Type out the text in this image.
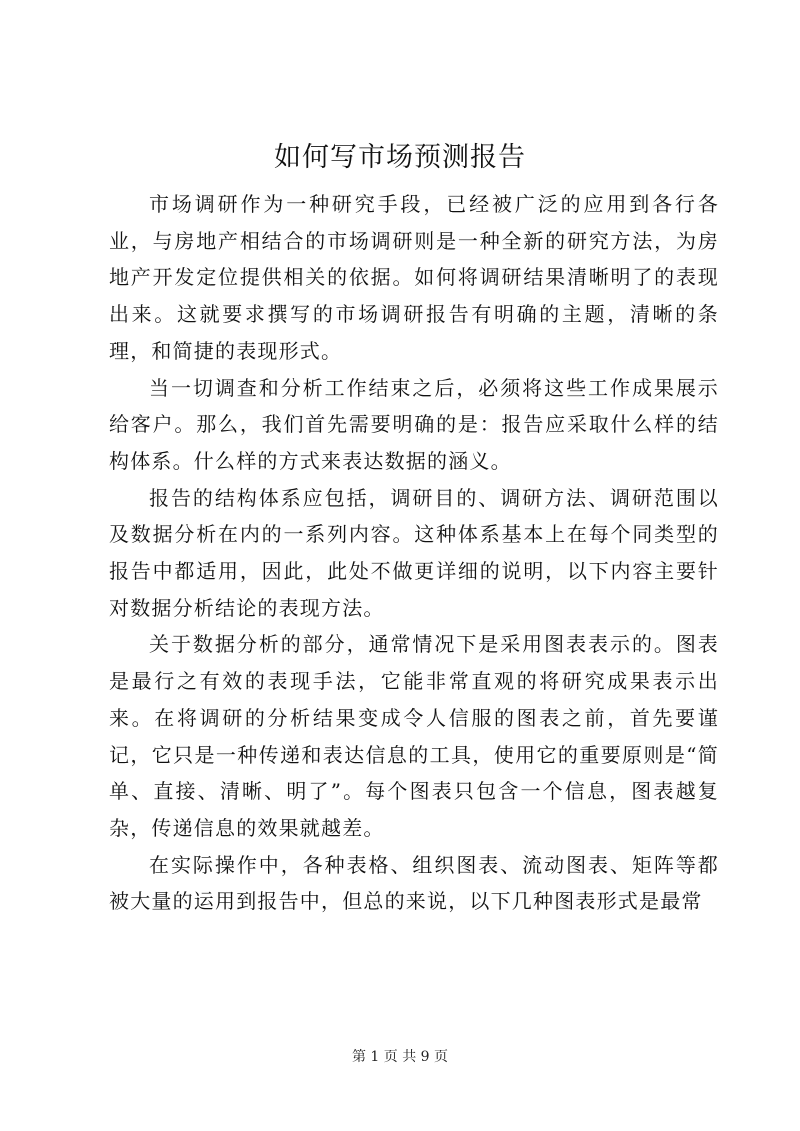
如何写市场预测报告

市场调研作为一种研究手段，已经被广泛的应用到各行各业，与房地产相结合的市场调研则是一种全新的研究方法，为房地产开发定位提供相关的依据。如何将调研结果清晰明了的表现出来。这就要求撰写的市场调研报告有明确的主题，清晰的条理，和简捷的表现形式。

当一切调查和分析工作结束之后，必须将这些工作成果展示给客户。那么，我们首先需要明确的是：报告应采取什么样的结构体系。什么样的方式来表达数据的涵义。

报告的结构体系应包括，调研目的、调研方法、调研范围以及数据分析在内的一系列内容。这种体系基本上在每个同类型的报告中都适用，因此，此处不做更详细的说明，以下内容主要针对数据分析结论的表现方法。

关于数据分析的部分，通常情况下是采用图表表示的。图表是最行之有效的表现手法，它能非常直观的将研究成果表示出来。在将调研的分析结果变成令人信服的图表之前，首先要谨记，它只是一种传递和表达信息的工具，使用它的重要原则是“简单、直接、清晰、明了”。每个图表只包含一个信息，图表越复杂，传递信息的效果就越差。

在实际操作中，各种表格、组织图表、流动图表、矩阵等都被大量的运用到报告中，但总的来说，以下几种图表形式是最常

第 1 页 共 9 页
